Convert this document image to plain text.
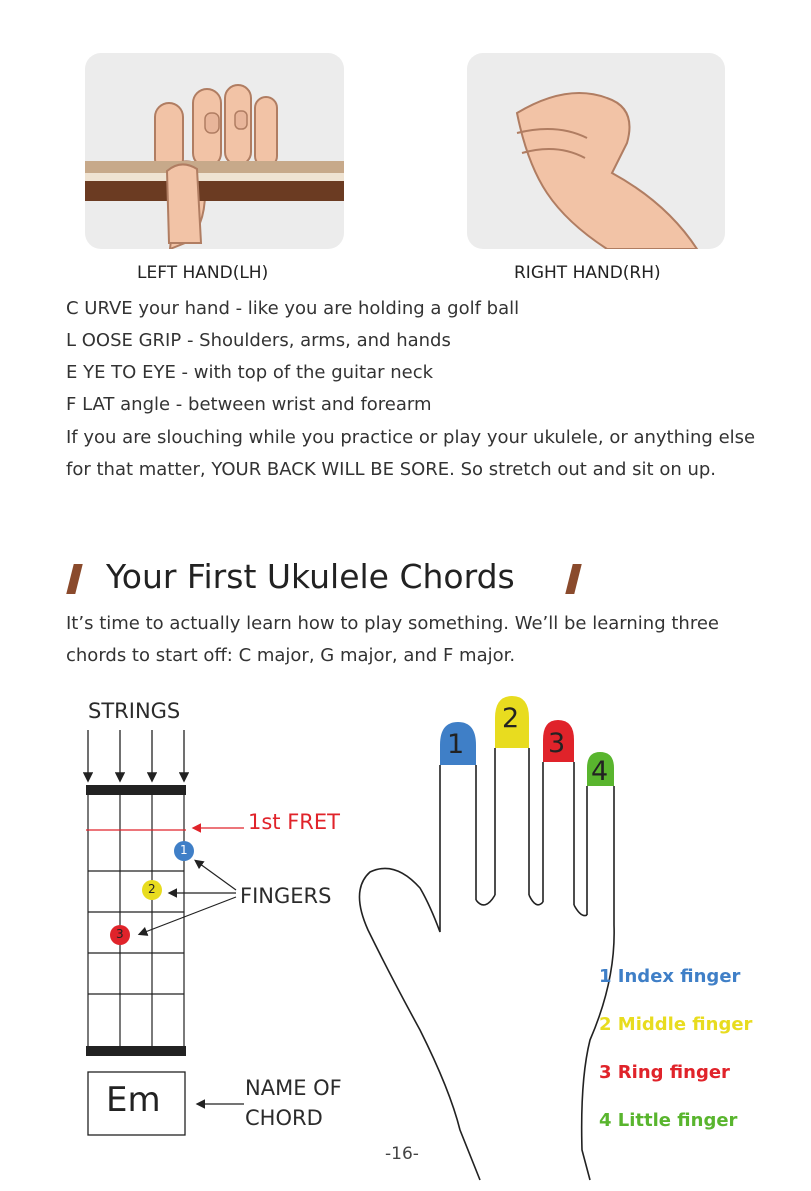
LEFT HAND(LH)	RIGHT HAND(RH)
C URVE your hand - like you are holding a golf ball
L OOSE GRIP - Shoulders, arms, and hands
E YE TO EYE - with top of the guitar neck
F LAT angle - between wrist and forearm
If you are slouching while you practice or play your ukulele, or anything else for that matter, YOUR BACK WILL BE SORE. So stretch out and sit on up.
Your First Ukulele Chords
It’s time to actually learn how to play something. We’ll be learning three chords to start off: C major, G major, and F major.
STRINGS
1st FRET
FINGERS
1
2
3
Em	NAME OF
CHORD
1
2
3
4
1 Index finger
2 Middle finger
3 Ring finger
4 Little finger
-16-
